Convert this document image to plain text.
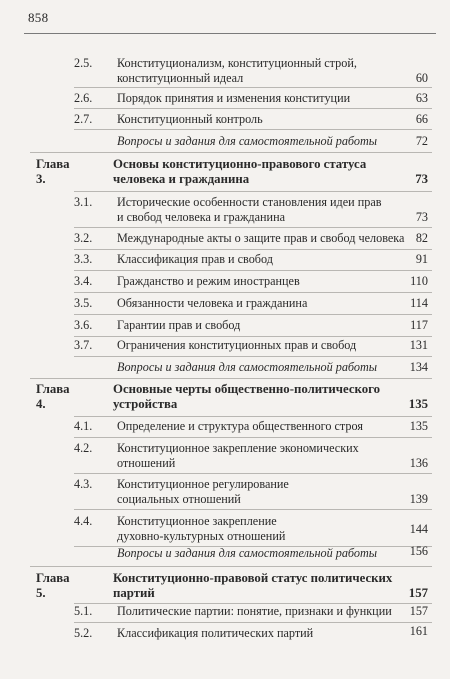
858
2.5.	Конституционализм, конституционный строй,
конституционный идеал	60
2.6.	Порядок принятия и изменения конституции	63
2.7.	Конституционный контроль	66
Вопросы и задания для самостоятельной работы	72
Глава 3.
Основы конституционно-правового статуса
человека и гражданина	73
3.1.	Исторические особенности становления идеи прав
и свобод человека и гражданина	73
3.2.	Международные акты о защите прав и свобод человека 82
3.3.	Классификация прав и свобод	91
3.4.	Гражданство и режим иностранцев	110
3.5.	Обязанности человека и гражданина	114
3.6.	Гарантии прав и свобод	117
3.7.	Ограничения конституционных прав и свобод	131
Вопросы и задания для самостоятельной работы	134
Глава 4.
Основные черты общественно-политического
устройства	135
4.1.	Определение и структура общественного строя	135
4.2.	Конституционное закрепление экономических
отношений	136
4.3.	Конституционное регулирование
социальных отношений	139
4.4.	Конституционное закрепление
духовно-культурных отношений	144
Вопросы и задания для самостоятельной работы	156
Глава 5.
Конституционно-правовой статус политических
партий	157
5.1.	Политические партии: понятие, признаки и функции	157
5.2.	Классификация политических партий	161
